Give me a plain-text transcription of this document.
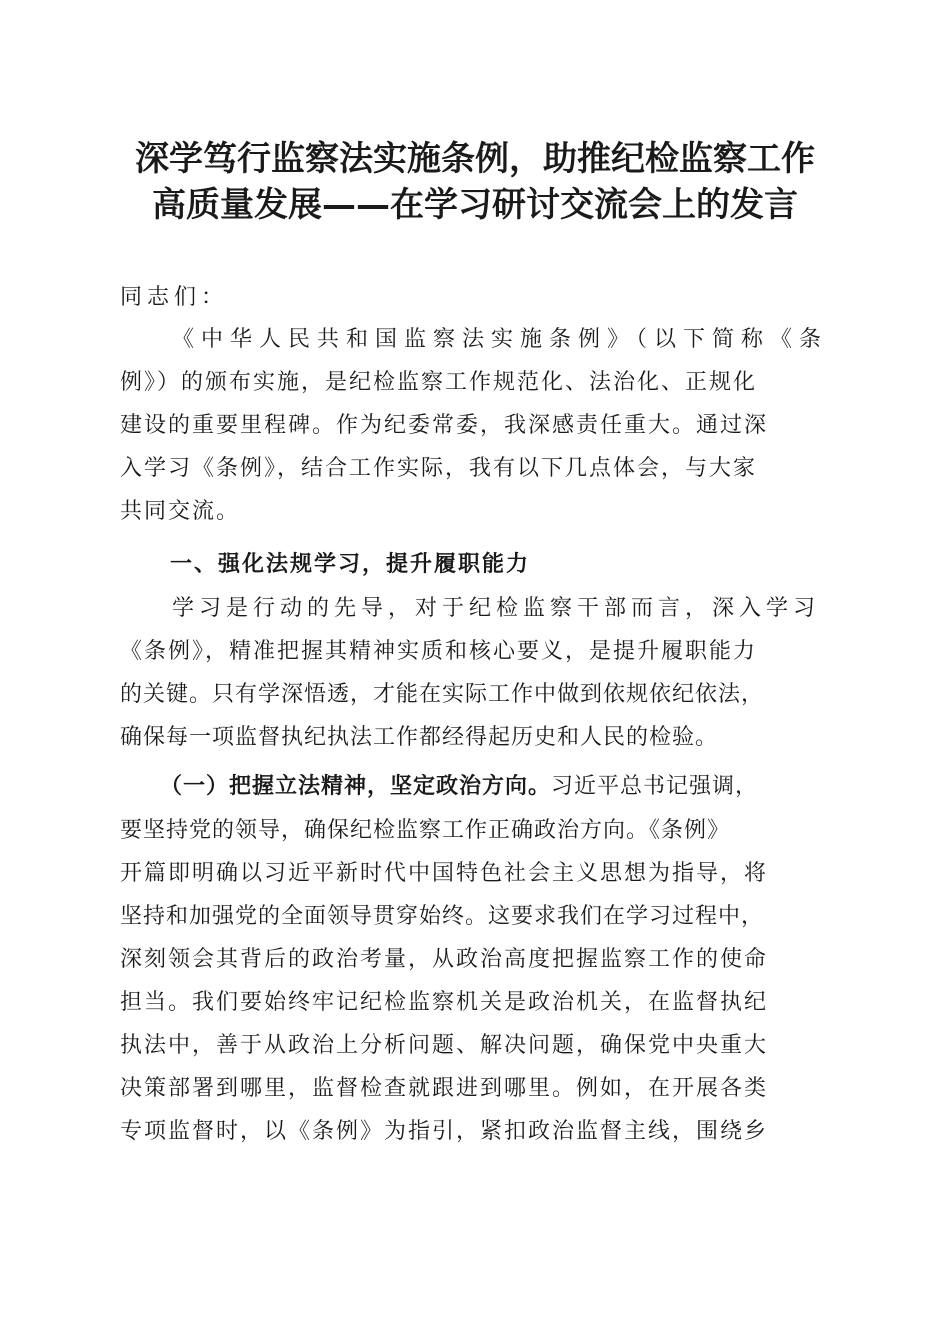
深学笃行监察法实施条例，助推纪检监察工作
高质量发展——在学习研讨交流会上的发言
同志们：
《中华人民共和国监察法实施条例》（以下简称《条
例》）的颁布实施，是纪检监察工作规范化、法治化、正规化
建设的重要里程碑。作为纪委常委，我深感责任重大。通过深
入学习《条例》，结合工作实际，我有以下几点体会，与大家
共同交流。
一、强化法规学习，提升履职能力
学习是行动的先导，对于纪检监察干部而言，深入学习
《条例》，精准把握其精神实质和核心要义，是提升履职能力
的关键。只有学深悟透，才能在实际工作中做到依规依纪依法，
确保每一项监督执纪执法工作都经得起历史和人民的检验。
（一）把握立法精神，坚定政治方向。习近平总书记强调，
要坚持党的领导，确保纪检监察工作正确政治方向。《条例》
开篇即明确以习近平新时代中国特色社会主义思想为指导，将
坚持和加强党的全面领导贯穿始终。这要求我们在学习过程中，
深刻领会其背后的政治考量，从政治高度把握监察工作的使命
担当。我们要始终牢记纪检监察机关是政治机关，在监督执纪
执法中，善于从政治上分析问题、解决问题，确保党中央重大
决策部署到哪里，监督检查就跟进到哪里。例如，在开展各类
专项监督时，以《条例》为指引，紧扣政治监督主线，围绕乡
